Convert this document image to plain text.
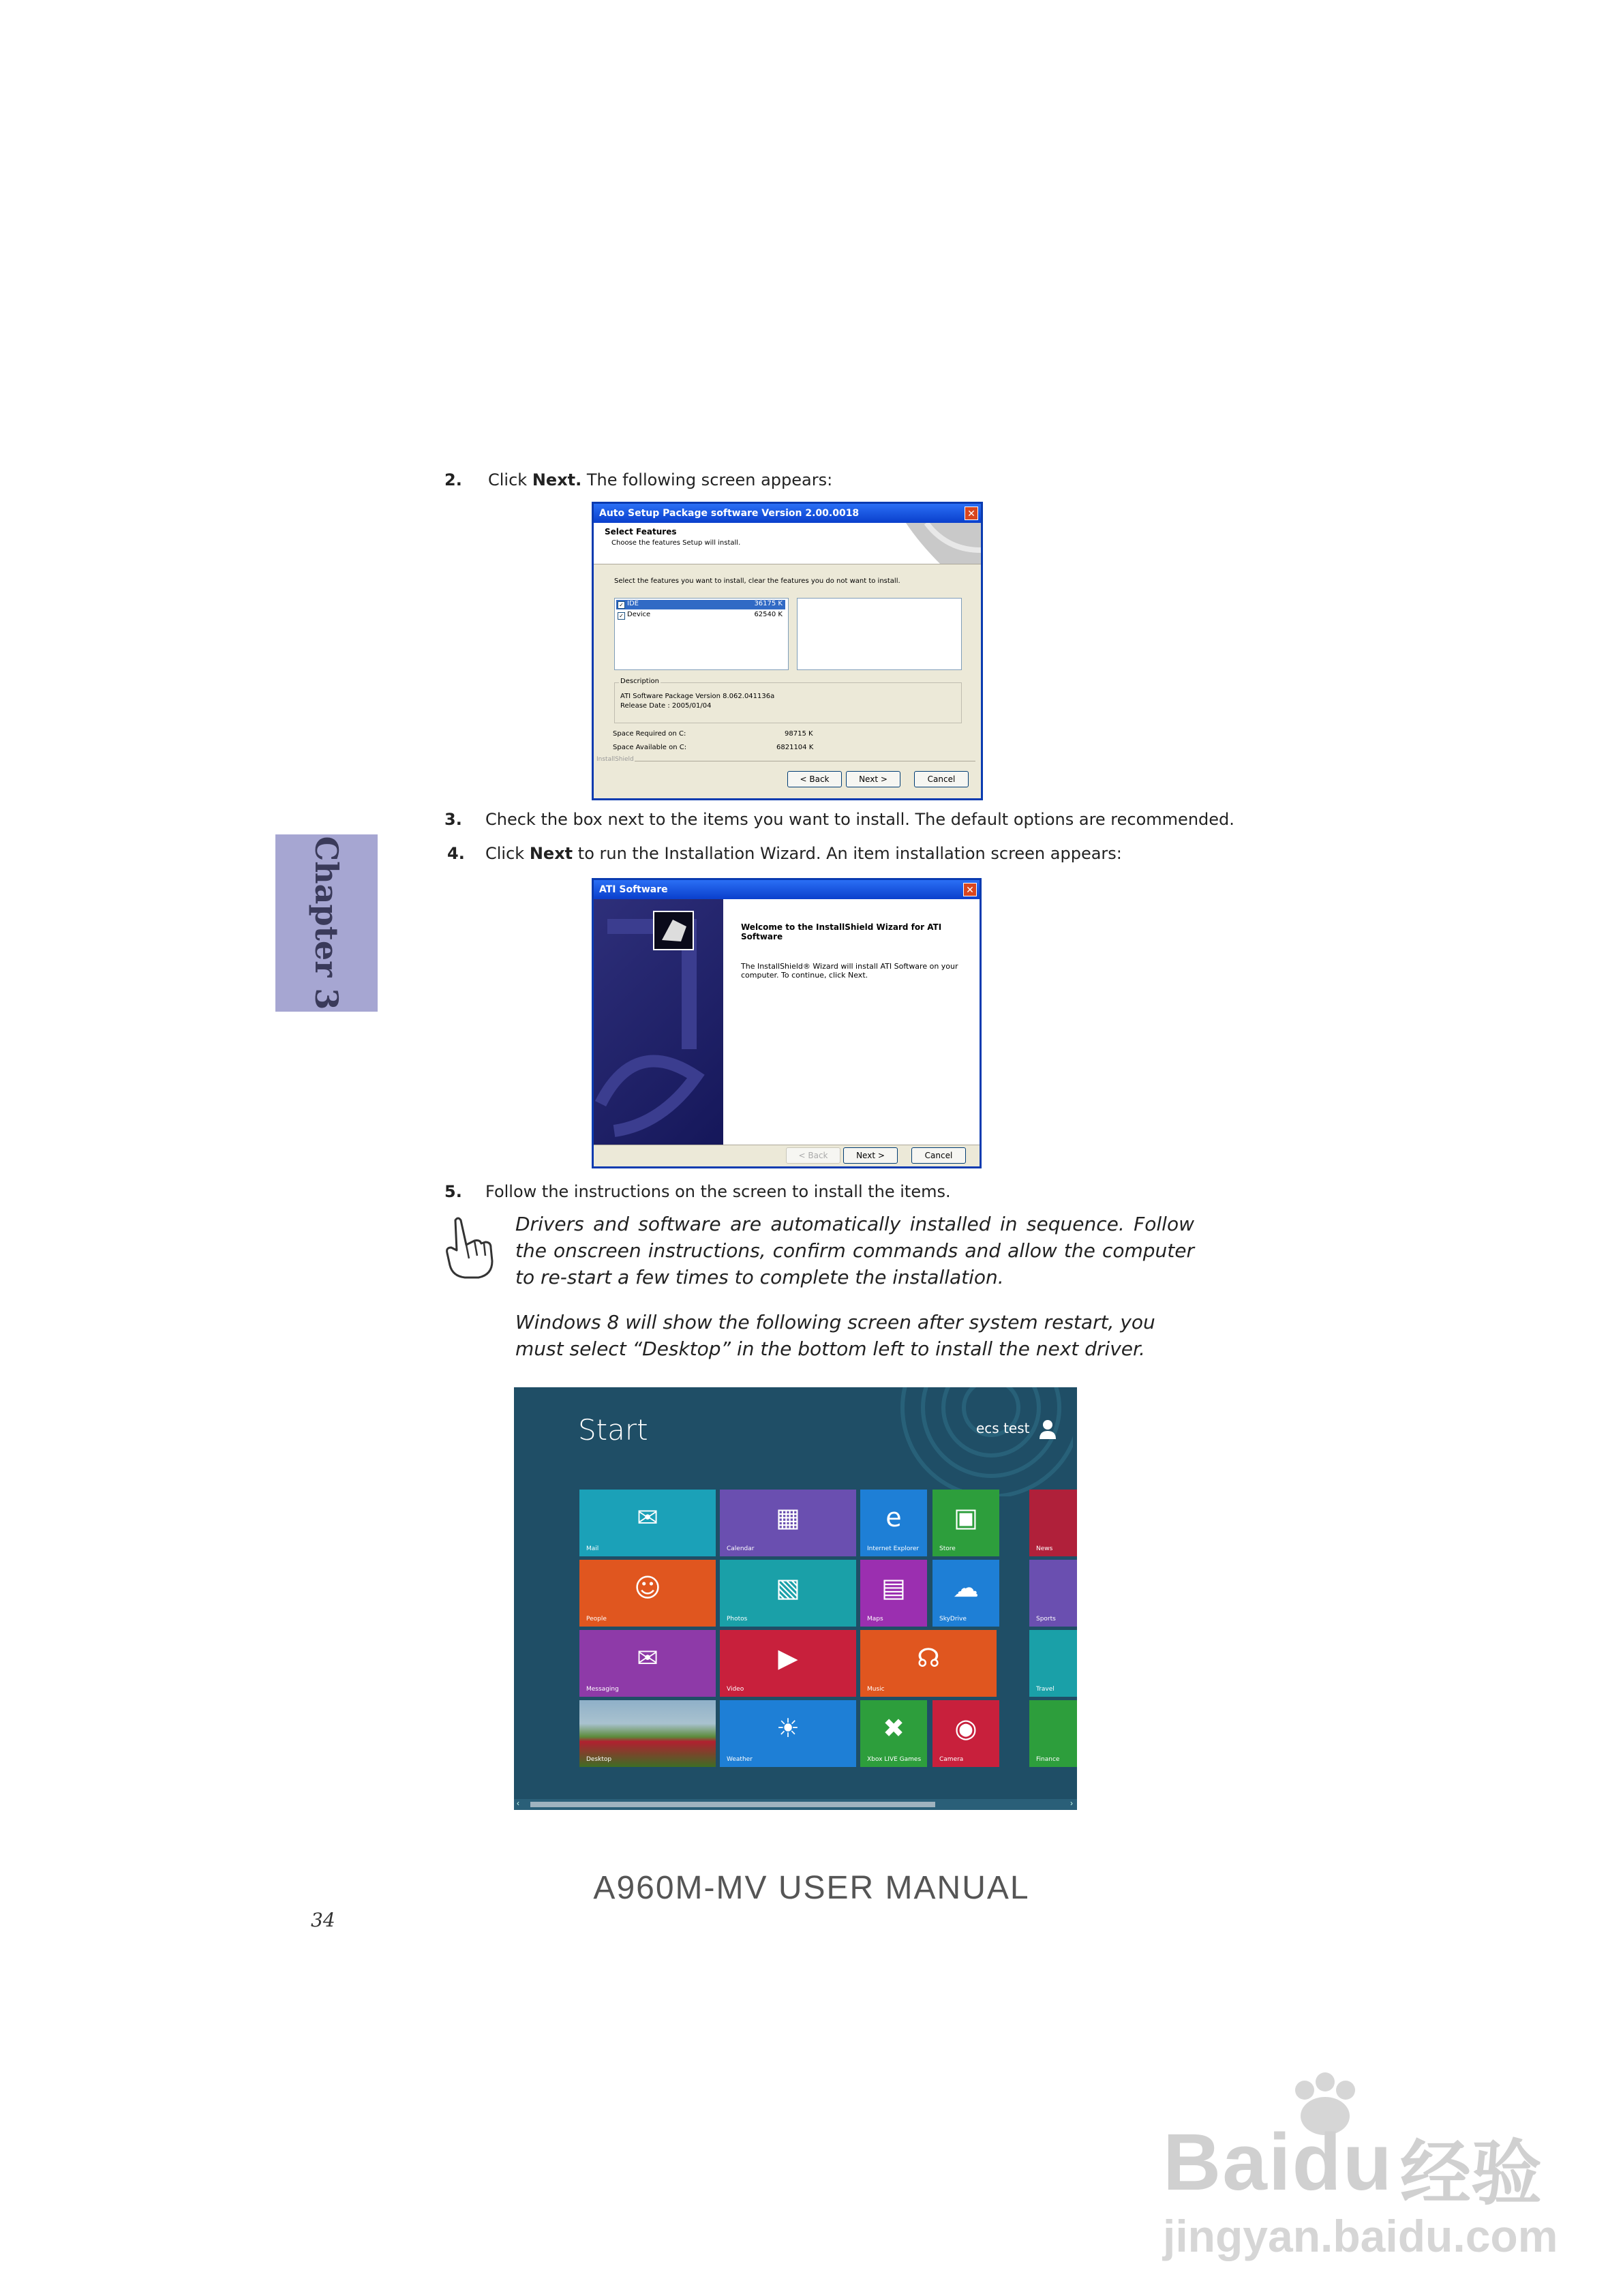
2. Click Next. The following screen appears:
Auto Setup Package software Version 2.00.0018	✕
Select Features
Choose the features Setup will install.
Select the features you want to install, clear the features you do not want to install.
✓ IDE	36175 K
✓ Device	62540 K
Description
ATI Software Package Version 8.062.041136a
Release Date : 2005/01/04
Space Required on C:	98715 K
Space Available on C:	6821104 K
InstallShield
< Back	Next >	Cancel
3. Check the box next to the items you want to install. The default options are recommended.
Chapter 3	4. Click Next to run the Installation Wizard. An item installation screen appears:
ATI Software	✕
Welcome to the InstallShield Wizard for ATI Software
The InstallShield® Wizard will install ATI Software on your computer. To continue, click Next.
< Back	Next >	Cancel
5. Follow the instructions on the screen to install the items.
Drivers and software are automatically installed in sequence. Follow the onscreen instructions, confirm commands and allow the computer to re-start a few times to complete the installation.
Windows 8 will show the following screen after system restart, you must select “Desktop” in the bottom left to install the next driver.
Start	ecs test
✉
Mail
▦
Calendar
e
Internet Explorer
▣
Store
☺
People
▧
Photos
▤
Maps
☁
SkyDrive
✉
Messaging
▶
Video
☊
Music
Desktop
☀
Weather
✖
Xbox LIVE Games
◉
Camera
News
Sports
Travel
Finance
‹	›
A960M-MV USER MANUAL
34
Baidu 经验
jingyan.baidu.com
